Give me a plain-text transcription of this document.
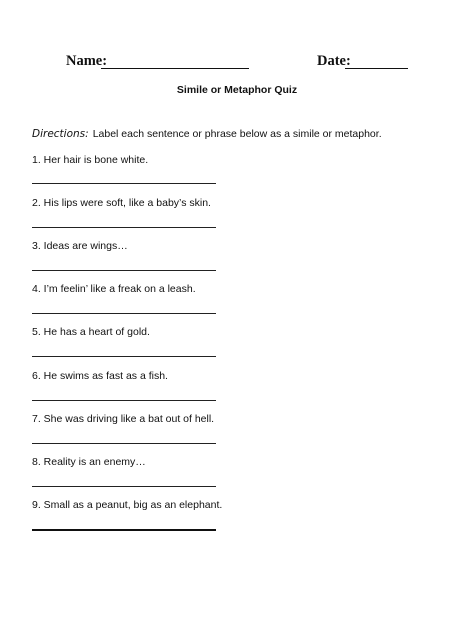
Name:	Date:
Simile or Metaphor Quiz
Directions: Label each sentence or phrase below as a simile or metaphor.
1. Her hair is bone white.
2. His lips were soft, like a baby’s skin.
3. Ideas are wings…
4. I’m feelin’ like a freak on a leash.
5. He has a heart of gold.
6. He swims as fast as a fish.
7. She was driving like a bat out of hell.
8. Reality is an enemy…
9. Small as a peanut, big as an elephant.
